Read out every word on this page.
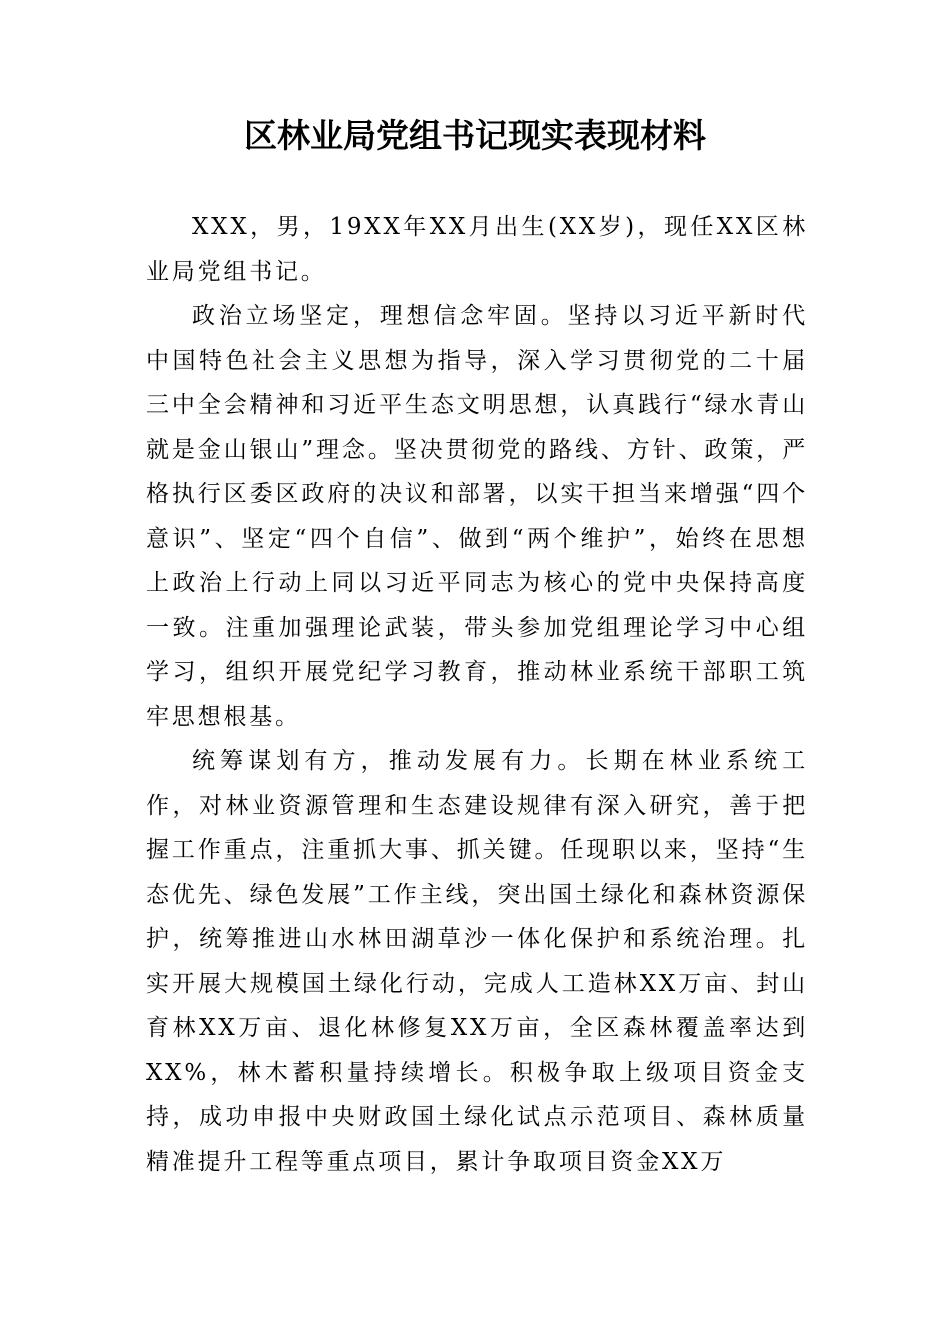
区林业局党组书记现实表现材料

XXX，男，19XX年XX月出生(XX岁)，现任XX区林业局党组书记。

政治立场坚定，理想信念牢固。坚持以习近平新时代中国特色社会主义思想为指导，深入学习贯彻党的二十届三中全会精神和习近平生态文明思想，认真践行“绿水青山就是金山银山”理念。坚决贯彻党的路线、方针、政策，严格执行区委区政府的决议和部署，以实干担当来增强“四个意识”、坚定“四个自信”、做到“两个维护”，始终在思想上政治上行动上同以习近平同志为核心的党中央保持高度一致。注重加强理论武装，带头参加党组理论学习中心组学习，组织开展党纪学习教育，推动林业系统干部职工筑牢思想根基。

统筹谋划有方，推动发展有力。长期在林业系统工作，对林业资源管理和生态建设规律有深入研究，善于把握工作重点，注重抓大事、抓关键。任现职以来，坚持“生态优先、绿色发展”工作主线，突出国土绿化和森林资源保护，统筹推进山水林田湖草沙一体化保护和系统治理。扎实开展大规模国土绿化行动，完成人工造林XX万亩、封山育林XX万亩、退化林修复XX万亩，全区森林覆盖率达到XX%，林木蓄积量持续增长。积极争取上级项目资金支持，成功申报中央财政国土绿化试点示范项目、森林质量精准提升工程等重点项目，累计争取项目资金XX万
